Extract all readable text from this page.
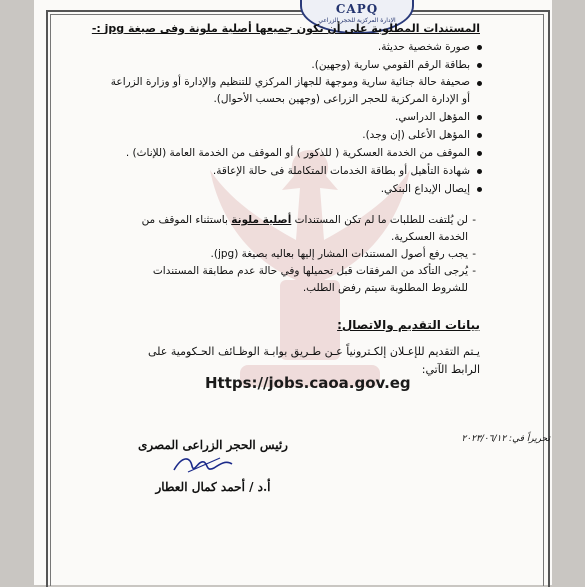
CAPQ
الإدارة المركزية للحجر الزراعي
المستندات المطلوبة على أن تكون جميعها أصلية ملونة وفى صيغة jpg :-
صورة شخصية حديثة.
بطاقة الرقم القومي سارية (وجهين).
صحيفة حالة جنائية سارية وموجهة للجهاز المركزي للتنظيم والإدارة أو وزارة الزراعة أو الإدارة المركزية للحجر الزراعى (وجهين بحسب الأحوال).
المؤهل الدراسي.
المؤهل الأعلى (إن وجد).
الموقف من الخدمة العسكرية ( للذكور ) أو الموقف من الخدمة العامة (للإناث) .
شهادة التأهيل أو بطاقة الخدمات المتكاملة فى حالة الإعاقة.
إيصال الإيداع البنكي.
- لن يُلتفت للطلبات ما لم تكن المستندات أصلية ملونة باستثناء الموقف من الخدمة العسكرية.
- يجب رفع أصول المستندات المشار إليها بعاليه بصيغة (jpg).
- يُرجى التأكد من المرفقات قبل تحميلها وفي حالة عدم مطابقة المستندات للشروط المطلوبة سيتم رفض الطلب.
بيانات التقديم والاتصال:
يـتم التقديم للإعـلان إلكـترونياً عـن طـريق بوابـة الوظـائف الحـكومية على الرابط الآتي:
Https://jobs.caoa.gov.eg
تحريراً في: ٢٠٢٣/٠٦/١٢
رئيس الحجر الزراعى المصرى
أ.د / أحمد كمال العطار
